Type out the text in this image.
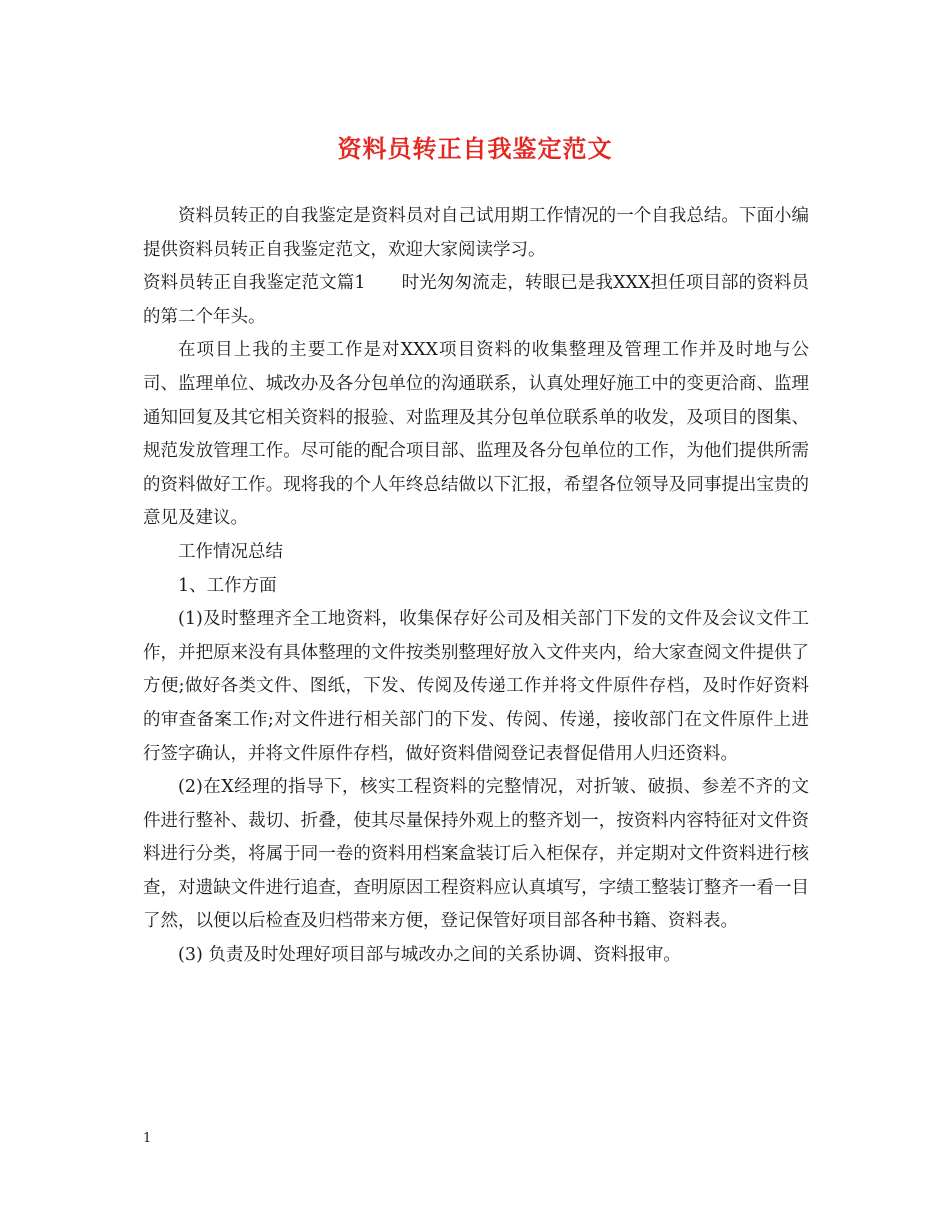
资料员转正自我鉴定范文

资料员转正的自我鉴定是资料员对自己试用期工作情况的一个自我总结。下面小编提供资料员转正自我鉴定范文，欢迎大家阅读学习。

资料员转正自我鉴定范文篇1 时光匆匆流走，转眼已是我XXX担任项目部的资料员的第二个年头。

在项目上我的主要工作是对XXX项目资料的收集整理及管理工作并及时地与公司、监理单位、城改办及各分包单位的沟通联系，认真处理好施工中的变更洽商、监理通知回复及其它相关资料的报验、对监理及其分包单位联系单的收发，及项目的图集、规范发放管理工作。尽可能的配合项目部、监理及各分包单位的工作，为他们提供所需的资料做好工作。现将我的个人年终总结做以下汇报，希望各位领导及同事提出宝贵的意见及建议。

工作情况总结

1、工作方面

(1)及时整理齐全工地资料，收集保存好公司及相关部门下发的文件及会议文件工作，并把原来没有具体整理的文件按类别整理好放入文件夹内，给大家查阅文件提供了方便;做好各类文件、图纸，下发、传阅及传递工作并将文件原件存档，及时作好资料的审查备案工作;对文件进行相关部门的下发、传阅、传递，接收部门在文件原件上进行签字确认，并将文件原件存档，做好资料借阅登记表督促借用人归还资料。

(2)在X经理的指导下，核实工程资料的完整情况，对折皱、破损、参差不齐的文件进行整补、裁切、折叠，使其尽量保持外观上的整齐划一，按资料内容特征对文件资料进行分类，将属于同一卷的资料用档案盒装订后入柜保存，并定期对文件资料进行核查，对遗缺文件进行追查，查明原因工程资料应认真填写，字绩工整装订整齐一看一目了然，以便以后检查及归档带来方便，登记保管好项目部各种书籍、资料表。

(3) 负责及时处理好项目部与城改办之间的关系协调、资料报审。

1
